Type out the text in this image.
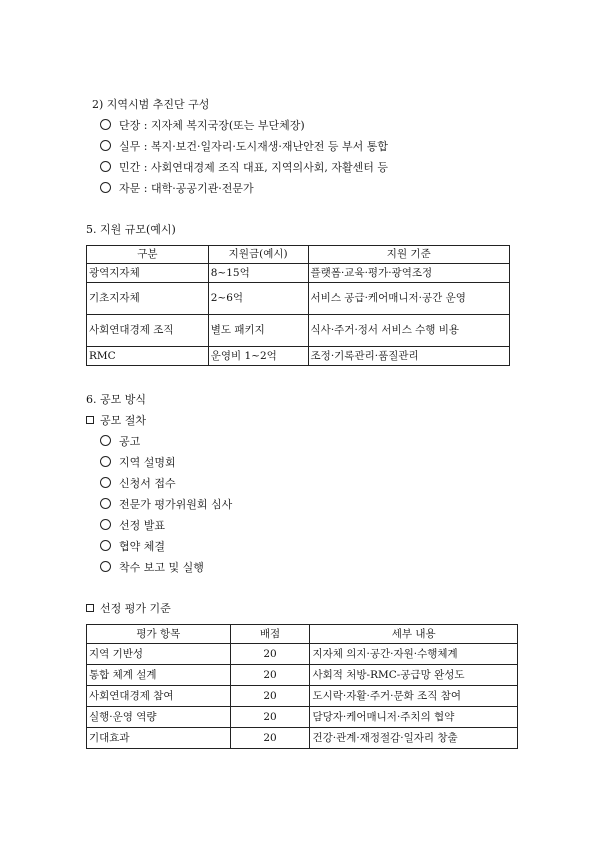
2) 지역시범 추진단 구성
단장 : 지자체 복지국장(또는 부단체장)
실무 : 복지·보건·일자리·도시재생·재난안전 등 부서 통합
민간 : 사회연대경제 조직 대표, 지역의사회, 자활센터 등
자문 : 대학·공공기관·전문가
5. 지원 규모(예시)
구분	지원금(예시)	지원 기준
광역지자체	8~15억	플랫폼·교육·평가·광역조정
기초지자체	2~6억	서비스 공급·케어매니저·공간 운영
사회연대경제 조직	별도 패키지	식사·주거·정서 서비스 수행 비용
RMC	운영비 1~2억	조정·기록관리·품질관리
6. 공모 방식
공모 절차
공고
지역 설명회
신청서 접수
전문가 평가위원회 심사
선정 발표
협약 체결
착수 보고 및 실행
선정 평가 기준
평가 항목	배점	세부 내용
지역 기반성	20	지자체 의지·공간·자원·수행체계
통합 체계 설계	20	사회적 처방-RMC-공급망 완성도
사회연대경제 참여	20	도시락·자활·주거·문화 조직 참여
실행·운영 역량	20	담당자·케어매니저·주치의 협약
기대효과	20	건강·관계·재정절감·일자리 창출
